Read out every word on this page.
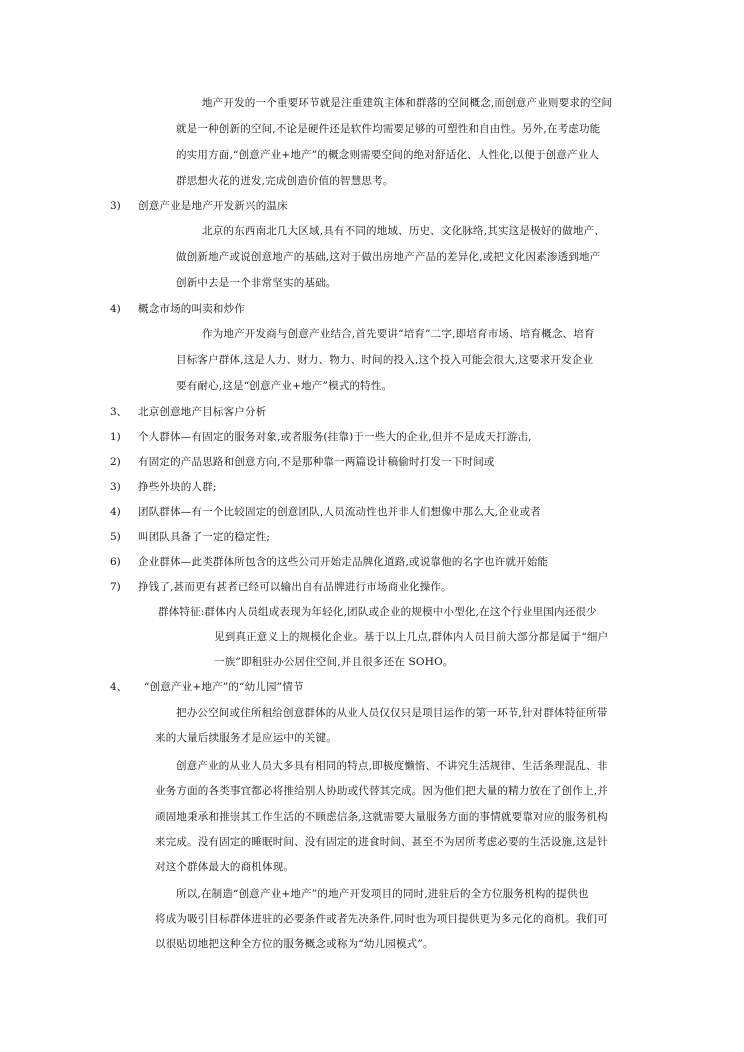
地产开发的一个重要环节就是注重建筑主体和群落的空间概念,而创意产业则要求的空间
就是一种创新的空间,不论是硬件还是软件均需要足够的可塑性和自由性。另外,在考虑功能
的实用方面,“创意产业+地产”的概念则需要空间的绝对舒适化、人性化,以便于创意产业人
群思想火花的迸发,完成创造价值的智慧思考。
3) 创意产业是地产开发新兴的温床
北京的东西南北几大区域,具有不同的地域、历史、文化脉络,其实这是极好的做地产、
做创新地产或说创意地产的基础,这对于做出房地产产品的差异化,或把文化因素渗透到地产
创新中去是一个非常坚实的基础。
4) 概念市场的叫卖和炒作
作为地产开发商与创意产业结合,首先要讲“培育”二字,即培育市场、培育概念、培育
目标客户群体,这是人力、财力、物力、时间的投入,这个投入可能会很大,这要求开发企业
要有耐心,这是“创意产业+地产”模式的特性。
3、 北京创意地产目标客户分析
1) 个人群体—有固定的服务对象,或者服务(挂靠)于一些大的企业,但并不是成天打游击,
2) 有固定的产品思路和创意方向,不是那种靠一两篇设计稿偷时打发一下时间或
3) 挣些外块的人群;
4) 团队群体—有一个比较固定的创意团队,人员流动性也并非人们想像中那么大,企业或者
5) 叫团队具备了一定的稳定性;
6) 企业群体—此类群体所包含的这些公司开始走品牌化道路,或说靠他的名字也许就开始能
7) 挣钱了,甚而更有甚者已经可以输出自有品牌进行市场商业化操作。
群体特征:群体内人员组成表现为年轻化,团队或企业的规模中小型化,在这个行业里国内还很少
见到真正意义上的规模化企业。基于以上几点,群体内人员目前大部分都是属于“细户
一族”即租驻办公居住空间,并且很多还在 SOHO。
4、 “创意产业+地产”的“幼儿园”情节
把办公空间或住所租给创意群体的从业人员仅仅只是项目运作的第一环节,针对群体特征所带
来的大量后续服务才是应运中的关键。
创意产业的从业人员大多具有相同的特点,即极度懒惰、不讲究生活规律、生活条理混乱、非
业务方面的各类事宜都必将推给别人协助或代替其完成。因为他们把大量的精力放在了创作上,并
顽固地秉承和推崇其工作生活的不顾虑信条,这就需要大量服务方面的事情就要靠对应的服务机构
来完成。没有固定的睡眠时间、没有固定的进食时间、甚至不为居所考虑必要的生活设施,这是针
对这个群体最大的商机体现。
所以,在制造“创意产业+地产”的地产开发项目的同时,进驻后的全方位服务机构的提供也
将成为吸引目标群体进驻的必要条件或者先决条件,同时也为项目提供更为多元化的商机。我们可
以很贴切地把这种全方位的服务概念或称为“幼儿园模式”。
